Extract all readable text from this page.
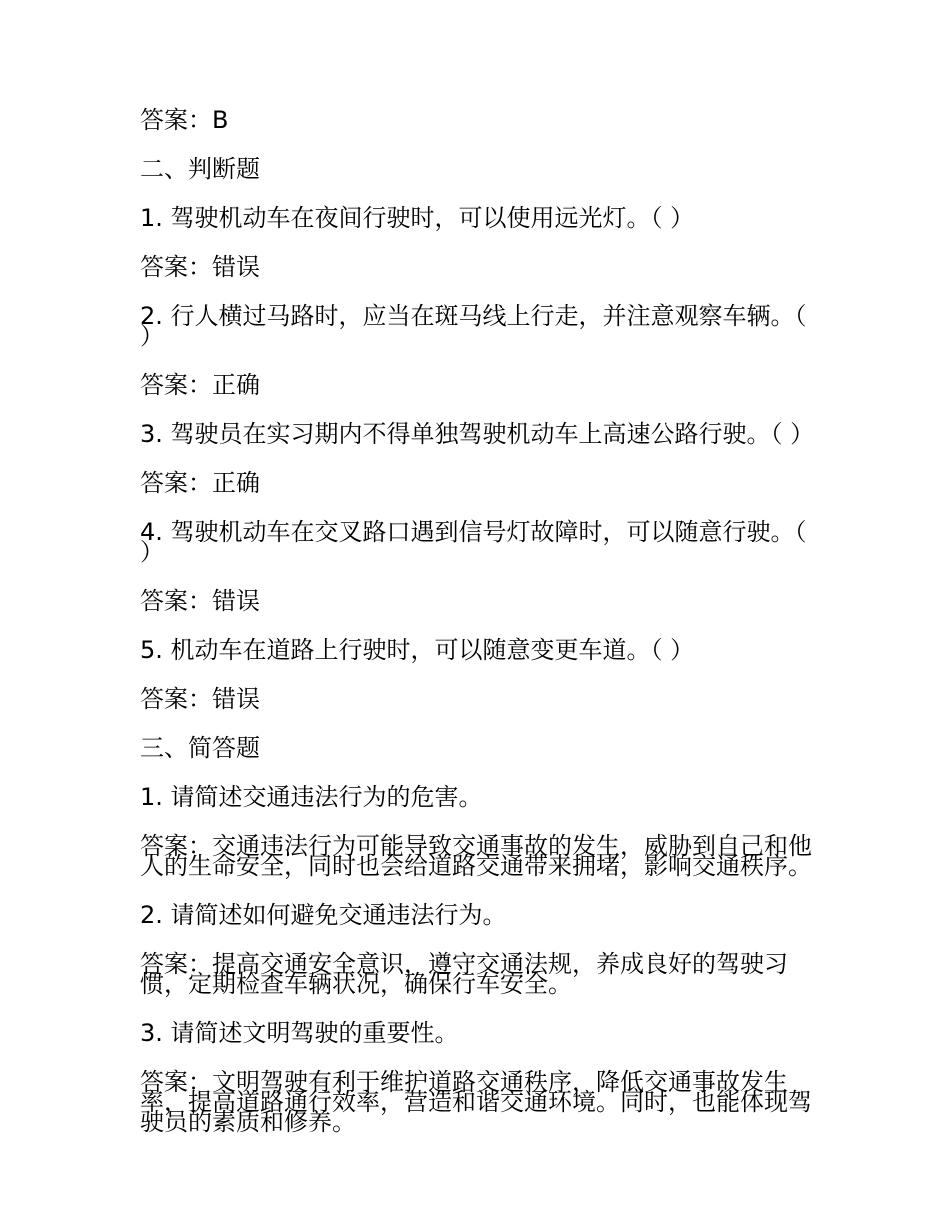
答案：B

二、判断题

1. 驾驶机动车在夜间行驶时，可以使用远光灯。（ ）

答案：错误

2. 行人横过马路时，应当在斑马线上行走，并注意观察车辆。（ ）

答案：正确

3. 驾驶员在实习期内不得单独驾驶机动车上高速公路行驶。（ ）

答案：正确

4. 驾驶机动车在交叉路口遇到信号灯故障时，可以随意行驶。（ ）

答案：错误

5. 机动车在道路上行驶时，可以随意变更车道。（ ）

答案：错误

三、简答题

1. 请简述交通违法行为的危害。

答案：交通违法行为可能导致交通事故的发生，威胁到自己和他人的生命安全，同时也会给道路交通带来拥堵，影响交通秩序。

2. 请简述如何避免交通违法行为。

答案：提高交通安全意识，遵守交通法规，养成良好的驾驶习惯，定期检查车辆状况，确保行车安全。

3. 请简述文明驾驶的重要性。

答案：文明驾驶有利于维护道路交通秩序，降低交通事故发生率，提高道路通行效率，营造和谐交通环境。同时，也能体现驾驶员的素质和修养。
